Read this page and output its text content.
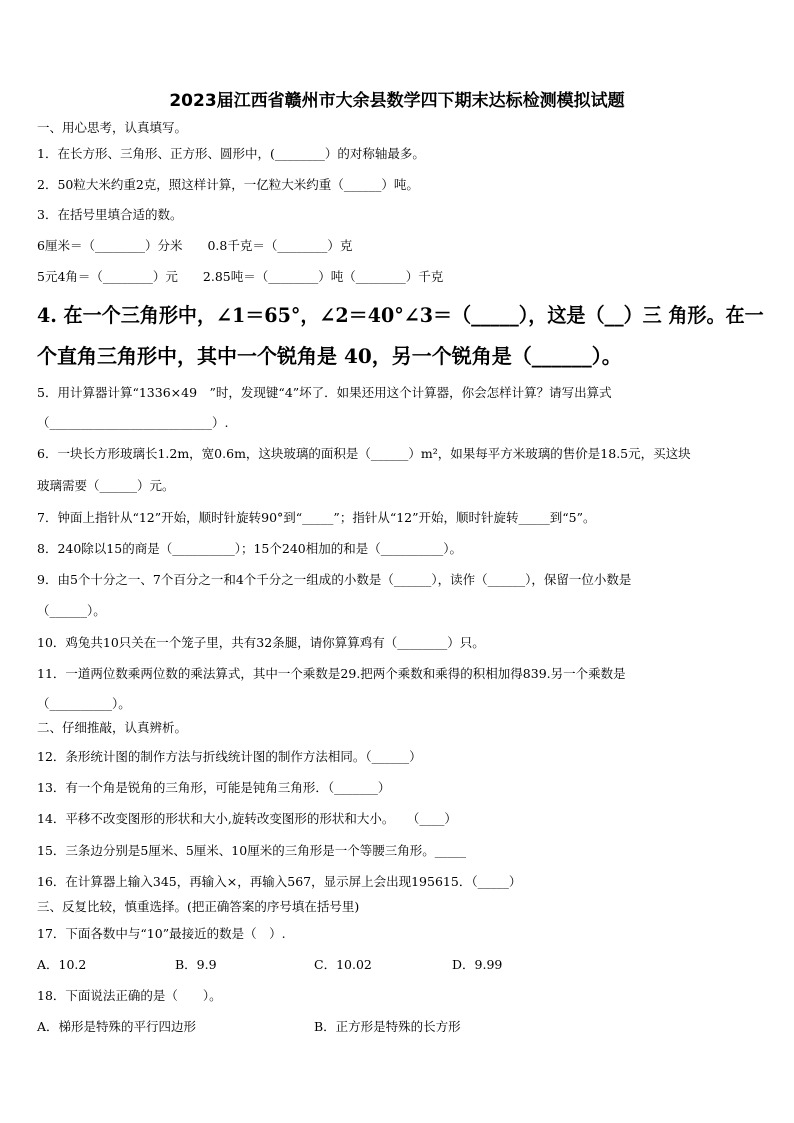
2023届江西省赣州市大余县数学四下期末达标检测模拟试题
一、用心思考，认真填写。
1．在长方形、三角形、正方形、圆形中，(________）的对称轴最多。
2．50粒大米约重2克，照这样计算，一亿粒大米约重（______）吨。
3．在括号里填合适的数。
6厘米＝（________）分米　　0.8千克＝（________）克
5元4角＝（________）元　　2.85吨＝（________）吨（________）千克
4. 在一个三角形中，∠1＝65°，∠2＝40°∠3＝（_____），这是（__）三 角形。在一
个直角三角形中，其中一个锐角是 40，另一个锐角是（______）。
5．用计算器计算“1336×49　”时，发现键“4”坏了．如果还用这个计算器，你会怎样计算？请写出算式
（__________________________）.
6．一块长方形玻璃长1.2m，宽0.6m，这块玻璃的面积是（______）m²，如果每平方米玻璃的售价是18.5元，买这块
玻璃需要（______）元。
7．钟面上指针从“12”开始，顺时针旋转90°到“_____”；指针从“12”开始，顺时针旋转_____到“5”。
8．240除以15的商是（__________）；15个240相加的和是（__________）。
9．由5个十分之一、7个百分之一和4个千分之一组成的小数是（______），读作（______），保留一位小数是
（______）。
10．鸡兔共10只关在一个笼子里，共有32条腿，请你算算鸡有（________）只。
11．一道两位数乘两位数的乘法算式，其中一个乘数是29.把两个乘数和乘得的积相加得839.另一个乘数是
（__________）。
二、仔细推敲，认真辨析。
12．条形统计图的制作方法与折线统计图的制作方法相同。（______）
13．有一个角是锐角的三角形，可能是钝角三角形．（_______）
14．平移不改变图形的形状和大小,旋转改变图形的形状和大小。　　（____）
15．三条边分别是5厘米、5厘米、10厘米的三角形是一个等腰三角形。_____
16．在计算器上输入345，再输入×，再输入567，显示屏上会出现195615．（_____）
三、反复比较，慎重选择。(把正确答案的序号填在括号里)
17．下面各数中与“10”最接近的数是（　）.
A．10.2	B．9.9	C．10.02	D．9.99
18．下面说法正确的是（　　）。
A．梯形是特殊的平行四边形	B．正方形是特殊的长方形
